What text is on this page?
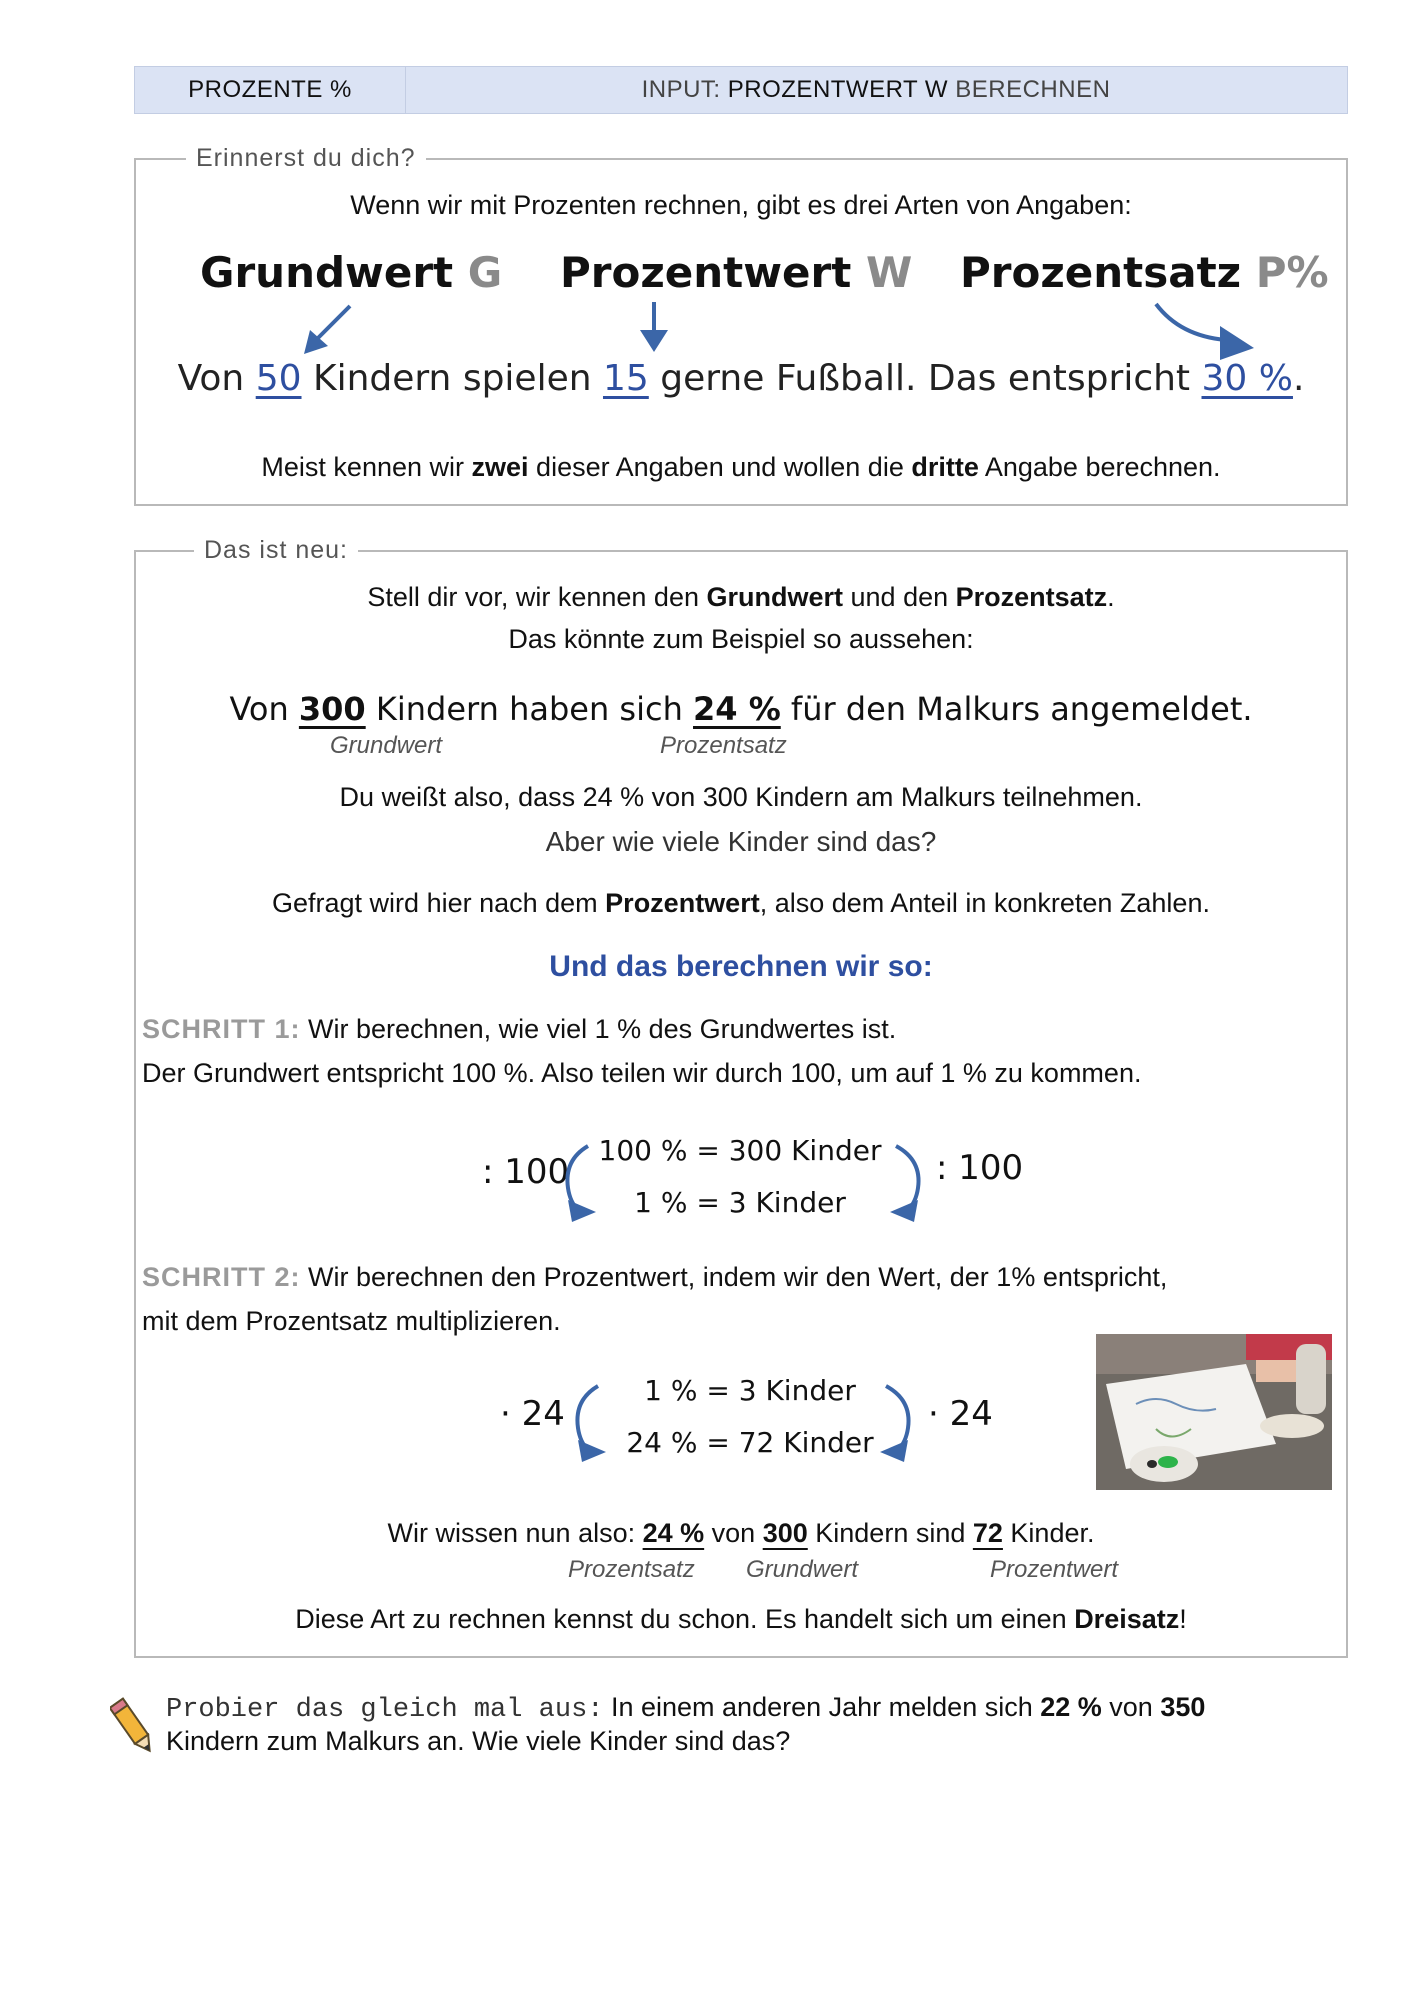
PROZENTE %	INPUT: PROZENTWERT W BERECHNEN
Erinnerst du dich?
Wenn wir mit Prozenten rechnen, gibt es drei Arten von Angaben:
Grundwert G Prozentwert W Prozentsatz P%
Von 50 Kindern spielen 15 gerne Fußball. Das entspricht 30 %.
Meist kennen wir zwei dieser Angaben und wollen die dritte Angabe berechnen.
Das ist neu:
Stell dir vor, wir kennen den Grundwert und den Prozentsatz.
Das könnte zum Beispiel so aussehen:
Von 300 Kindern haben sich 24 % für den Malkurs angemeldet.
Grundwert	Prozentsatz
Du weißt also, dass 24 % von 300 Kindern am Malkurs teilnehmen.
Aber wie viele Kinder sind das?
Gefragt wird hier nach dem Prozentwert, also dem Anteil in konkreten Zahlen.
Und das berechnen wir so:
SCHRITT 1: Wir berechnen, wie viel 1 % des Grundwertes ist.
Der Grundwert entspricht 100 %. Also teilen wir durch 100, um auf 1 % zu kommen.
: 100
100 % = 300 Kinder
1 % = 3 Kinder
: 100
SCHRITT 2: Wir berechnen den Prozentwert, indem wir den Wert, der 1% entspricht,
mit dem Prozentsatz multiplizieren.
· 24
1 % = 3 Kinder
24 % = 72 Kinder
· 24
Wir wissen nun also: 24 % von 300 Kindern sind 72 Kinder.
Prozentsatz Grundwert	Prozentwert
Diese Art zu rechnen kennst du schon. Es handelt sich um einen Dreisatz!
Probier das gleich mal aus: In einem anderen Jahr melden sich 22 % von 350
Kindern zum Malkurs an. Wie viele Kinder sind das?
